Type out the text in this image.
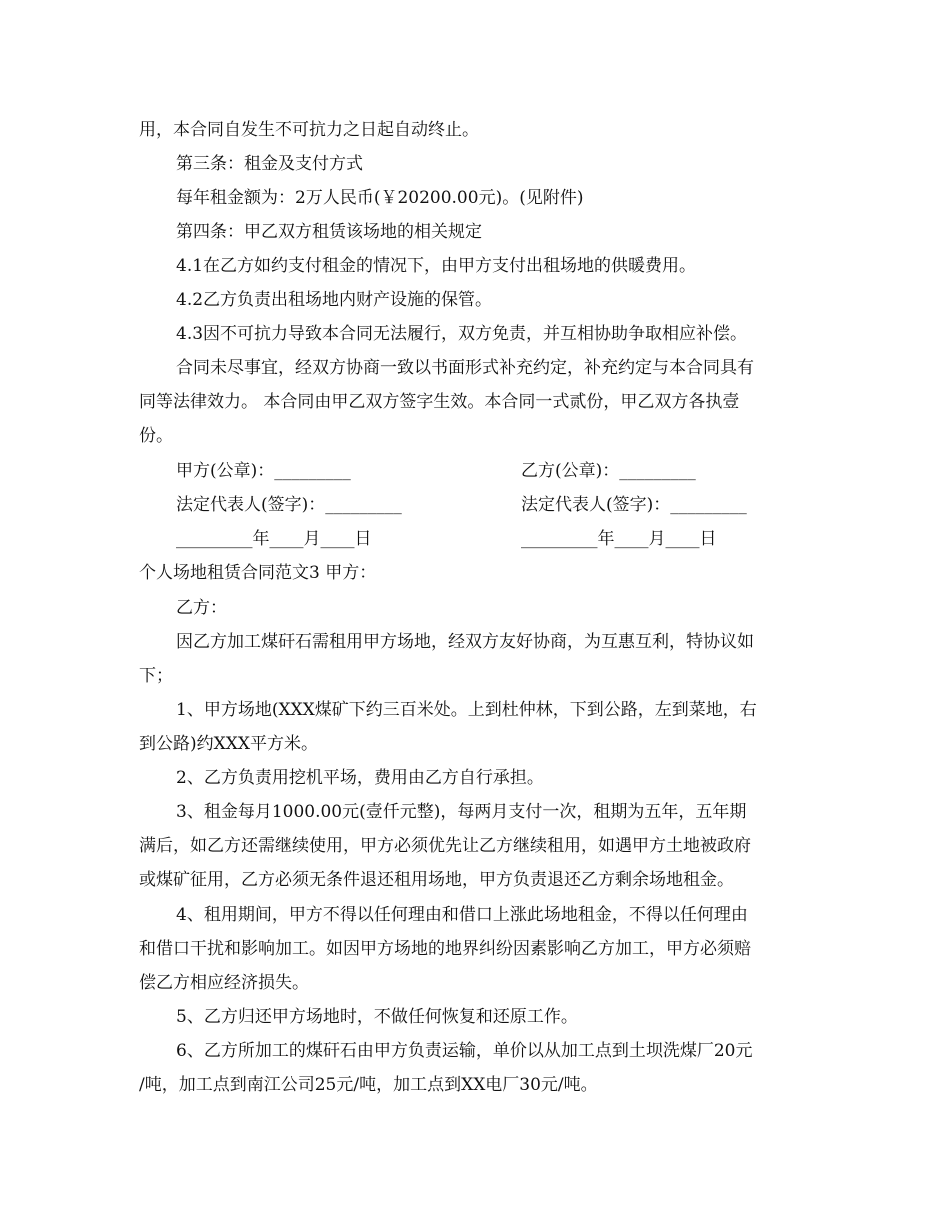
用，本合同自发生不可抗力之日起自动终止。
第三条：租金及支付方式
每年租金额为：2万人民币(￥20200.00元)。(见附件)
第四条：甲乙双方租赁该场地的相关规定
4.1在乙方如约支付租金的情况下，由甲方支付出租场地的供暖费用。
4.2乙方负责出租场地内财产设施的保管。
4.3因不可抗力导致本合同无法履行，双方免责，并互相协助争取相应补偿。
合同未尽事宜，经双方协商一致以书面形式补充约定，补充约定与本合同具有
同等法律效力。 本合同由甲乙双方签字生效。本合同一式贰份，甲乙双方各执壹
份。
甲方(公章)：_________	乙方(公章)：_________
法定代表人(签字)：_________	法定代表人(签字)：_________
_________年____月____日	_________年____月____日
个人场地租赁合同范文3 甲方：
乙方：
因乙方加工煤矸石需租用甲方场地，经双方友好协商，为互惠互利，特协议如
下；
1、甲方场地(XXX煤矿下约三百米处。上到杜仲林，下到公路，左到菜地，右
到公路)约XXX平方米。
2、乙方负责用挖机平场，费用由乙方自行承担。
3、租金每月1000.00元(壹仟元整)，每两月支付一次，租期为五年，五年期
满后，如乙方还需继续使用，甲方必须优先让乙方继续租用，如遇甲方土地被政府
或煤矿征用，乙方必须无条件退还租用场地，甲方负责退还乙方剩余场地租金。
4、租用期间，甲方不得以任何理由和借口上涨此场地租金，不得以任何理由
和借口干扰和影响加工。如因甲方场地的地界纠纷因素影响乙方加工，甲方必须赔
偿乙方相应经济损失。
5、乙方归还甲方场地时，不做任何恢复和还原工作。
6、乙方所加工的煤矸石由甲方负责运输，单价以从加工点到土坝洗煤厂20元
/吨，加工点到南江公司25元/吨，加工点到XX电厂30元/吨。
